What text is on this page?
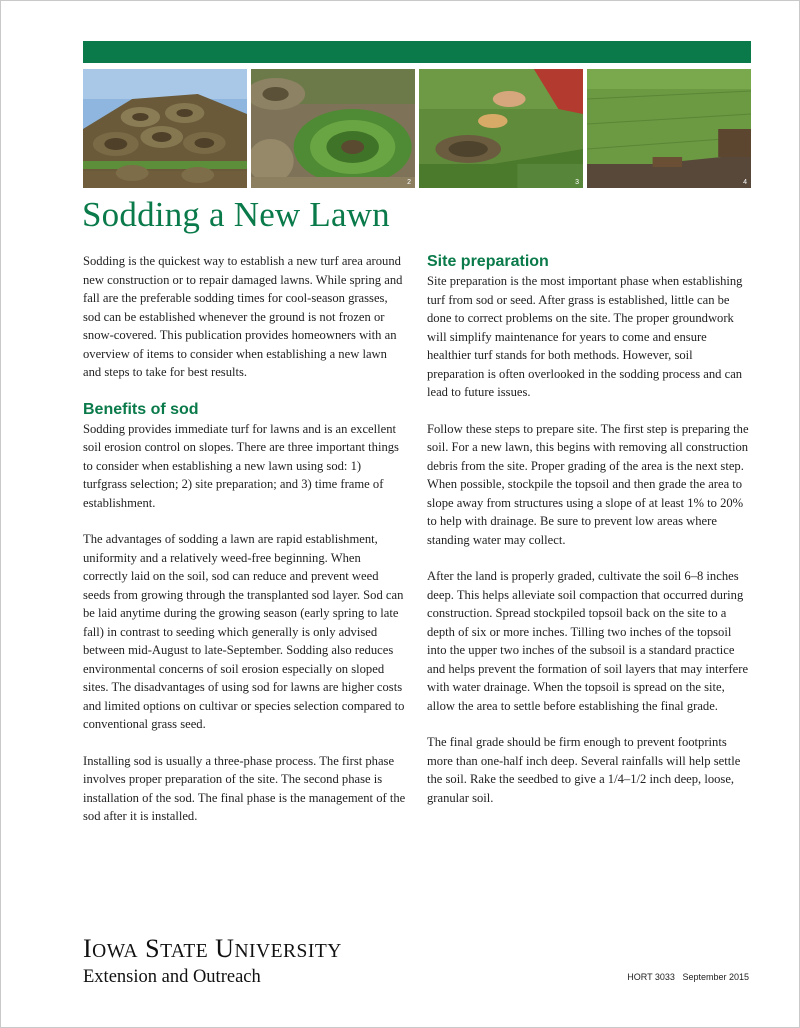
2	3	4
Sodding a New Lawn

Sodding is the quickest way to establish a new turf area around new construction or to repair damaged lawns. While spring and fall are the preferable sodding times for cool-season grasses, sod can be established whenever the ground is not frozen or snow-covered. This publication provides homeowners with an overview of items to consider when establishing a new lawn and steps to take for best results.

Benefits of sod

Sodding provides immediate turf for lawns and is an excellent soil erosion control on slopes. There are three important things to consider when establishing a new lawn using sod: 1) turfgrass selection; 2) site preparation; and 3) time frame of establishment.

The advantages of sodding a lawn are rapid establishment, uniformity and a relatively weed-free beginning. When correctly laid on the soil, sod can reduce and prevent weed seeds from growing through the transplanted sod layer. Sod can be laid anytime during the growing season (early spring to late fall) in contrast to seeding which generally is only advised between mid-August to late-September. Sodding also reduces environmental concerns of soil erosion especially on sloped sites. The disadvantages of using sod for lawns are higher costs and limited options on cultivar or species selection compared to conventional grass seed.

Installing sod is usually a three-phase process. The first phase involves proper preparation of the site. The second phase is installation of the sod. The final phase is the management of the sod after it is installed.

Site preparation

Site preparation is the most important phase when establishing turf from sod or seed. After grass is established, little can be done to correct problems on the site. The proper groundwork will simplify maintenance for years to come and ensure healthier turf stands for both methods. However, soil preparation is often overlooked in the sodding process and can lead to future issues.

Follow these steps to prepare site. The first step is preparing the soil. For a new lawn, this begins with removing all construction debris from the site. Proper grading of the area is the next step. When possible, stockpile the topsoil and then grade the area to slope away from structures using a slope of at least 1% to 20% to help with drainage. Be sure to prevent low areas where standing water may collect.

After the land is properly graded, cultivate the soil 6–8 inches deep. This helps alleviate soil compaction that occurred during construction. Spread stockpiled topsoil back on the site to a depth of six or more inches. Tilling two inches of the topsoil into the upper two inches of the subsoil is a standard practice and helps prevent the formation of soil layers that may interfere with water drainage. When the topsoil is spread on the site, allow the area to settle before establishing the final grade.

The final grade should be firm enough to prevent footprints more than one-half inch deep. Several rainfalls will help settle the soil. Rake the seedbed to give a 1/4–1/2 inch deep, loose, granular soil.

IOWA STATE UNIVERSITY
Extension and Outreach	HORT 3033 September 2015
